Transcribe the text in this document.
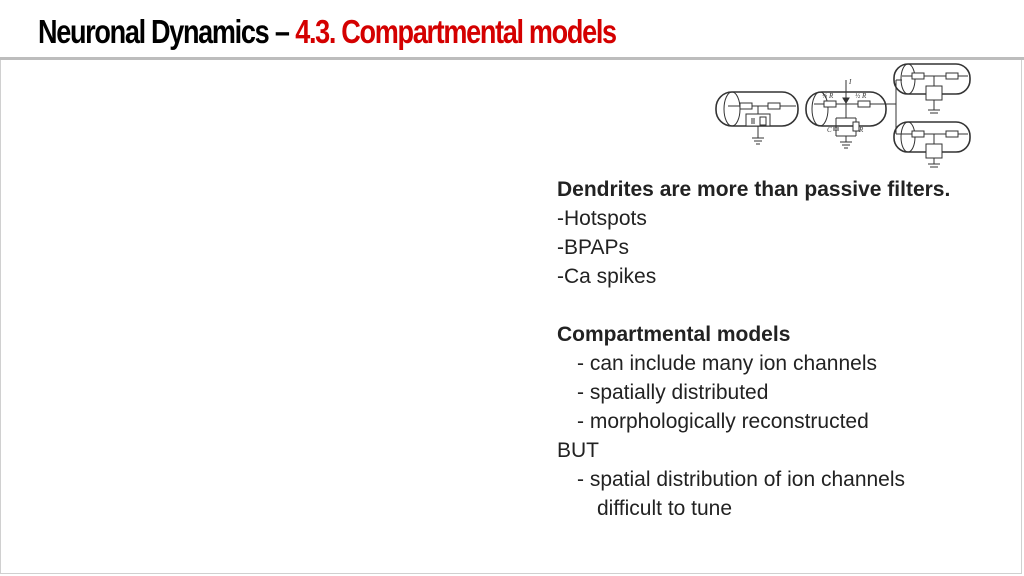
Neuronal Dynamics – 4.3. Compartmental models
I
½ R	½ R
C	R
Dendrites are more than passive filters.
-Hotspots
-BPAPs
-Ca spikes
Compartmental models
- can include many ion channels
- spatially distributed
- morphologically reconstructed
BUT
- spatial distribution of ion channels
difficult to tune
